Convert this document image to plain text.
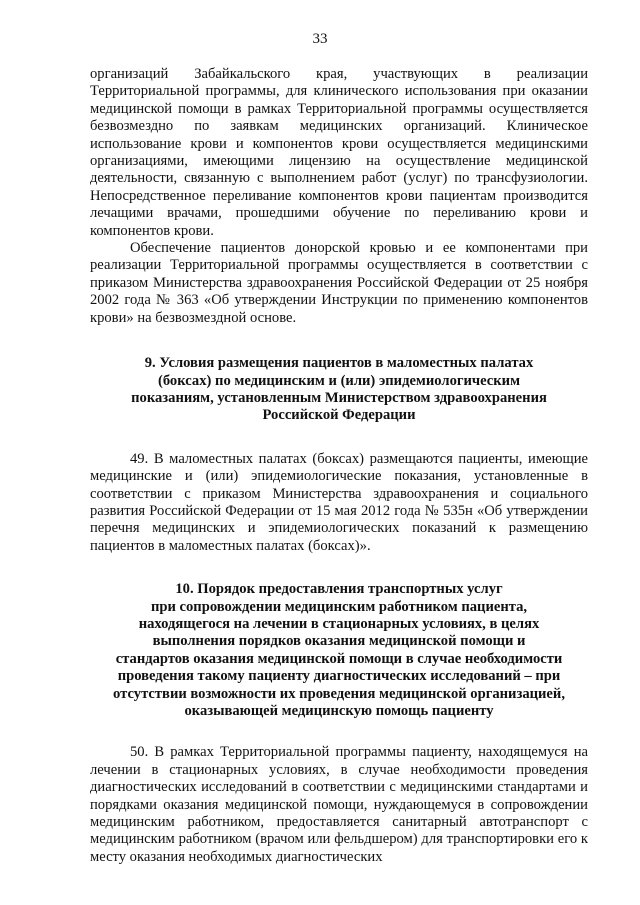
33

организаций Забайкальского края, участвующих в реализации Территориальной программы, для клинического использования при оказании медицинской помощи в рамках Территориальной программы осуществляется безвозмездно по заявкам медицинских организаций. Клиническое использование крови и компонентов крови осуществляется медицинскими организациями, имеющими лицензию на осуществление медицинской деятельности, связанную с выполнением работ (услуг) по трансфузиологии. Непосредственное переливание компонентов крови пациентам производится лечащими врачами, прошедшими обучение по переливанию крови и компонентов крови.

Обеспечение пациентов донорской кровью и ее компонентами при реализации Территориальной программы осуществляется в соответствии с приказом Министерства здравоохранения Российской Федерации от 25 ноября 2002 года № 363 «Об утверждении Инструкции по применению компонентов крови» на безвозмездной основе.

9. Условия размещения пациентов в маломестных палатах
(боксах) по медицинским и (или) эпидемиологическим
показаниям, установленным Министерством здравоохранения
Российской Федерации

49. В маломестных палатах (боксах) размещаются пациенты, имеющие медицинские и (или) эпидемиологические показания, установленные в соответствии с приказом Министерства здравоохранения и социального развития Российской Федерации от 15 мая 2012 года № 535н «Об утверждении перечня медицинских и эпидемиологических показаний к размещению пациентов в маломестных палатах (боксах)».

10. Порядок предоставления транспортных услуг
при сопровождении медицинским работником пациента,
находящегося на лечении в стационарных условиях, в целях
выполнения порядков оказания медицинской помощи и
стандартов оказания медицинской помощи в случае необходимости
проведения такому пациенту диагностических исследований – при
отсутствии возможности их проведения медицинской организацией,
оказывающей медицинскую помощь пациенту

50. В рамках Территориальной программы пациенту, находящемуся на лечении в стационарных условиях, в случае необходимости проведения диагностических исследований в соответствии с медицинскими стандартами и порядками оказания медицинской помощи, нуждающемуся в сопровождении медицинским работником, предоставляется санитарный автотранспорт с медицинским работником (врачом или фельдшером) для транспортировки его к месту оказания необходимых диагностических
